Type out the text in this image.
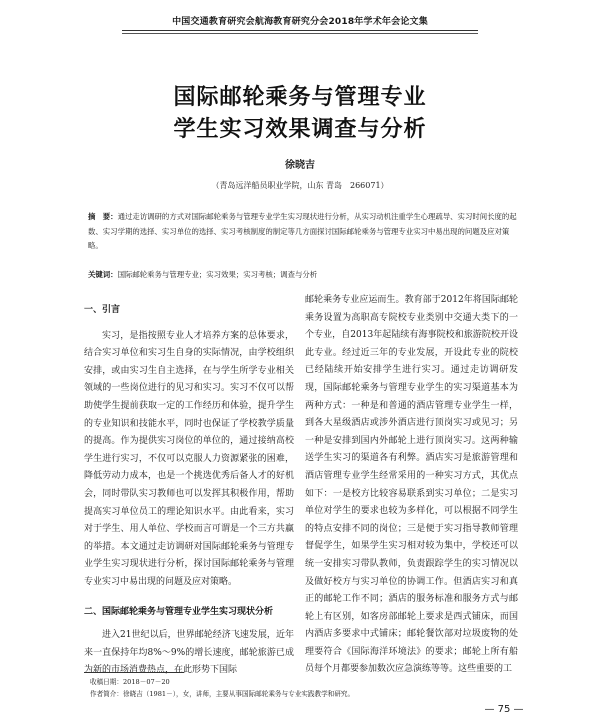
中国交通教育研究会航海教育研究分会2018年学术年会论文集
国际邮轮乘务与管理专业
学生实习效果调查与分析
徐晓吉
（青岛远洋船员职业学院，山东 青岛　266071）
摘　要：通过走访调研的方式对国际邮轮乘务与管理专业学生实习现状进行分析，从实习动机注重学生心理疏导、实习时间长度的起数、实习学期的选择、实习单位的选择、实习考核制度的制定等几方面探讨国际邮轮乘务与管理专业实习中易出现的问题及应对策略。
关键词：国际邮轮乘务与管理专业；实习效果；实习考核；调查与分析
一、引言

实习，是指按照专业人才培养方案的总体要求，结合实习单位和实习生自身的实际情况，由学校组织安排，或由实习生自主选择，在与学生所学专业相关领域的一些岗位进行的见习和实习。实习不仅可以帮助使学生提前获取一定的工作经历和体验，提升学生的专业知识和技能水平，同时也保证了学校教学质量的提高。作为提供实习岗位的单位的，通过接纳高校学生进行实习，不仅可以克服人力资源紧张的困难，降低劳动力成本，也是一个挑选优秀后备人才的好机会，同时带队实习教师也可以发挥其积极作用，帮助提高实习单位员工的理论知识水平。由此看来，实习对于学生、用人单位、学校而言可谓是一个三方共赢的举措。本文通过走访调研对国际邮轮乘务与管理专业学生实习现状进行分析，探讨国际邮轮乘务与管理专业实习中易出现的问题及应对策略。

二、国际邮轮乘务与管理专业学生实习现状分析

进入21世纪以后，世界邮轮经济飞速发展，近年来一直保持年均8%～9%的增长速度，邮轮旅游已成为新的市场消费热点，在此形势下国际

邮轮乘务专业应运而生。教育部于2012年将国际邮轮乘务设置为高职高专院校专业类别中交通大类下的一个专业，自2013年起陆续有海事院校和旅游院校开设此专业。经过近三年的专业发展，开设此专业的院校已经陆续开始安排学生进行实习。通过走访调研发现，国际邮轮乘务与管理专业学生的实习渠道基本为两种方式：一种是和普通的酒店管理专业学生一样，到各大星级酒店或涉外酒店进行顶岗实习或见习；另一种是安排到国内外邮轮上进行顶岗实习。这两种输送学生实习的渠道各有利弊。酒店实习是旅游管理和酒店管理专业学生经常采用的一种实习方式，其优点如下：一是校方比较容易联系到实习单位；二是实习单位对学生的要求也较为多样化，可以根据不同学生的特点安排不同的岗位；三是便于实习指导教师管理督促学生，如果学生实习相对较为集中，学校还可以统一安排实习带队教师，负责跟踪学生的实习情况以及做好校方与实习单位的协调工作。但酒店实习和真正的邮轮工作不同；酒店的服务标准和服务方式与邮轮上有区别，如客房部邮轮上要求是西式铺床，而国内酒店多要求中式铺床；邮轮餐饮部对垃圾废物的处理要符合《国际海洋环境法》的要求；邮轮上所有船员每个月都要参加数次应急演练等等。这些重要的工

收稿日期：2018－07－20
作者简介：徐晓吉（1981－），女，讲师，主要从事国际邮轮乘务与专业实践教学和研究。
— 75 —
